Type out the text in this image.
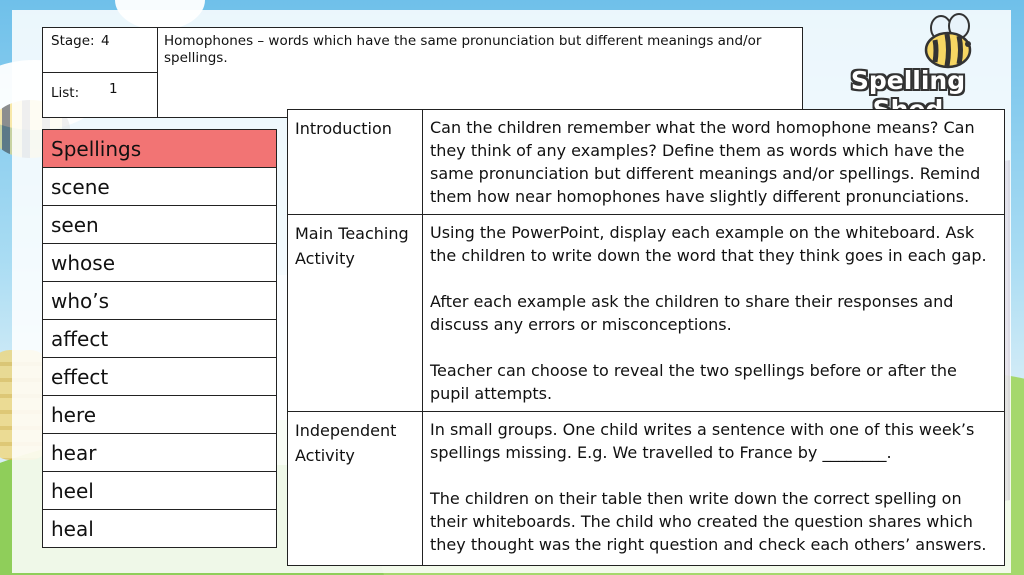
Stage: 4	Homophones – words which have the same pronunciation but different meanings and/or spellings.
List: 1	Spelling
Spellings
scene
seen
whose
who’s
affect
effect
here
hear
heel
heal
Introduction	Can the children remember what the word homophone means? Can they think of any examples? Define them as words which have the same pronunciation but different meanings and/or spellings. Remind them how near homophones have slightly different pronunciations.
Main Teaching Activity	Using the PowerPoint, display each example on the whiteboard. Ask the children to write down the word that they think goes in each gap.
After each example ask the children to share their responses and discuss any errors or misconceptions.
Teacher can choose to reveal the two spellings before or after the pupil attempts.

Independent Activity	In small groups. One child writes a sentence with one of this week’s spellings missing. E.g. We travelled to France by ________.
The children on their table then write down the correct spelling on their whiteboards. The child who created the question shares which they thought was the right question and check each others’ answers.
